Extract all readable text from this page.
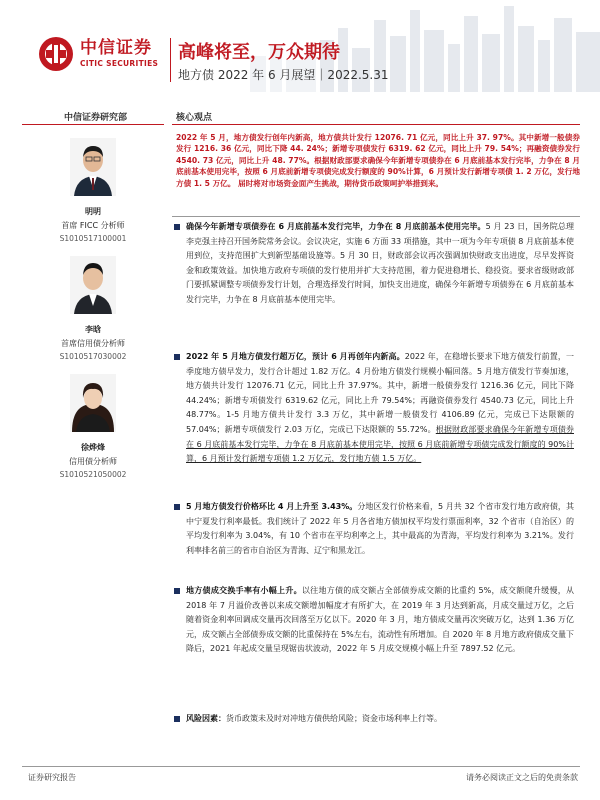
中信证券
CITIC SECURITIES
高峰将至，万众期待
地方债 2022 年 6 月展望｜2022.5.31
中信证券研究部	核心观点
明明
首席 FICC 分析师
S1010517100001
李晗
首席信用债分析师
S1010517030002
徐烨烽
信用债分析师
S1010521050002
2022 年 5 月，地方债发行创年内新高，地方债共计发行 12076. 71 亿元，同比上升 37. 97%。其中新增一般债券发行 1216. 36 亿元，同比下降 44. 24%；新增专项债发行 6319. 62 亿元，同比上升 79. 54%；再融资债券发行 4540. 73 亿元，同比上升 48. 77%。根据财政部要求确保今年新增专项债券在 6 月底前基本发行完毕，力争在 8 月底前基本使用完毕，按照 6 月底前新增专项债完成发行额度的 90%计算，6 月预计发行新增专项债 1. 2 万亿，发行地方债 1. 5 万亿。 届时将对市场资金面产生挑战，期待货币政策呵护举措到来。
确保今年新增专项债券在 6 月底前基本发行完毕，力争在 8 月底前基本使用完毕。5 月 23 日，国务院总理李克强主持召开国务院常务会议。会议决定，实施 6 方面 33 项措施，其中一项为今年专项债 8 月底前基本使用到位，支持范围扩大到新型基础设施等。5 月 30 日，财政部会议再次强调加快财政支出进度，尽早发挥资金和政策效益。加快地方政府专项债的发行使用并扩大支持范围，着力促进稳增长、稳投资。要求省级财政部门要抓紧调整专项债券发行计划，合理选择发行时间，加快支出进度，确保今年新增专项债券在 6 月底前基本发行完毕，力争在 8 月底前基本使用完毕。
2022 年 5 月地方债发行超万亿，预计 6 月再创年内新高。2022 年，在稳增长要求下地方债发行前置，一季度地方债早发力，发行合计超过 1.82 万亿。4 月份地方债发行规模小幅回落。5 月地方债发行节奏加速，地方债共计发行 12076.71 亿元，同比上升 37.97%。其中，新增一般债券发行 1216.36 亿元，同比下降 44.24%；新增专项债发行 6319.62 亿元，同比上升 79.54%；再融资债券发行 4540.73 亿元，同比上升 48.77%。1-5 月地方债共计发行 3.3 万亿，其中新增一般债发行 4106.89 亿元，完成已下达限额的 57.04%；新增专项债发行 2.03 万亿，完成已下达限额的 55.72%。根据财政部要求确保今年新增专项债券在 6 月底前基本发行完毕，力争在 8 月底前基本使用完毕，按照 6 月底前新增专项债完成发行额度的 90%计算，6 月预计发行新增专项债 1.2 万亿元，发行地方债 1.5 万亿。
5 月地方债发行价格环比 4 月上升至 3.43%。分地区发行价格来看，5 月共 32 个省市发行地方政府债，其中宁夏发行利率最低。我们统计了 2022 年 5 月各省地方债加权平均发行票面利率，32 个省市（自治区）的平均发行利率为 3.04%，有 10 个省市在平均利率之上，其中最高的为青海，平均发行利率为 3.21%。发行利率排名前三的省市自治区为青海、辽宁和黑龙江。
地方债成交换手率有小幅上升。以往地方债的成交额占全部债券成交额的比重约 5%，成交额爬升缓慢，从 2018 年 7 月溢价改善以来成交额增加幅度才有所扩大，在 2019 年 3 月达到新高，月成交量过万亿，之后随着资金利率回调成交量再次回落至万亿以下。2020 年 3 月，地方债成交量再次突破万亿，达到 1.36 万亿元，成交额占全部债券成交额的比重保持在 5%左右，流动性有所增加。自 2020 年 8 月地方政府债成交量下降后，2021 年起成交量呈现锯齿状波动，2022 年 5 月成交规模小幅上升至 7897.52 亿元。
风险因素：货币政策未及时对冲地方债供给风险；资金市场利率上行等。
证券研究报告	请务必阅读正文之后的免责条款
